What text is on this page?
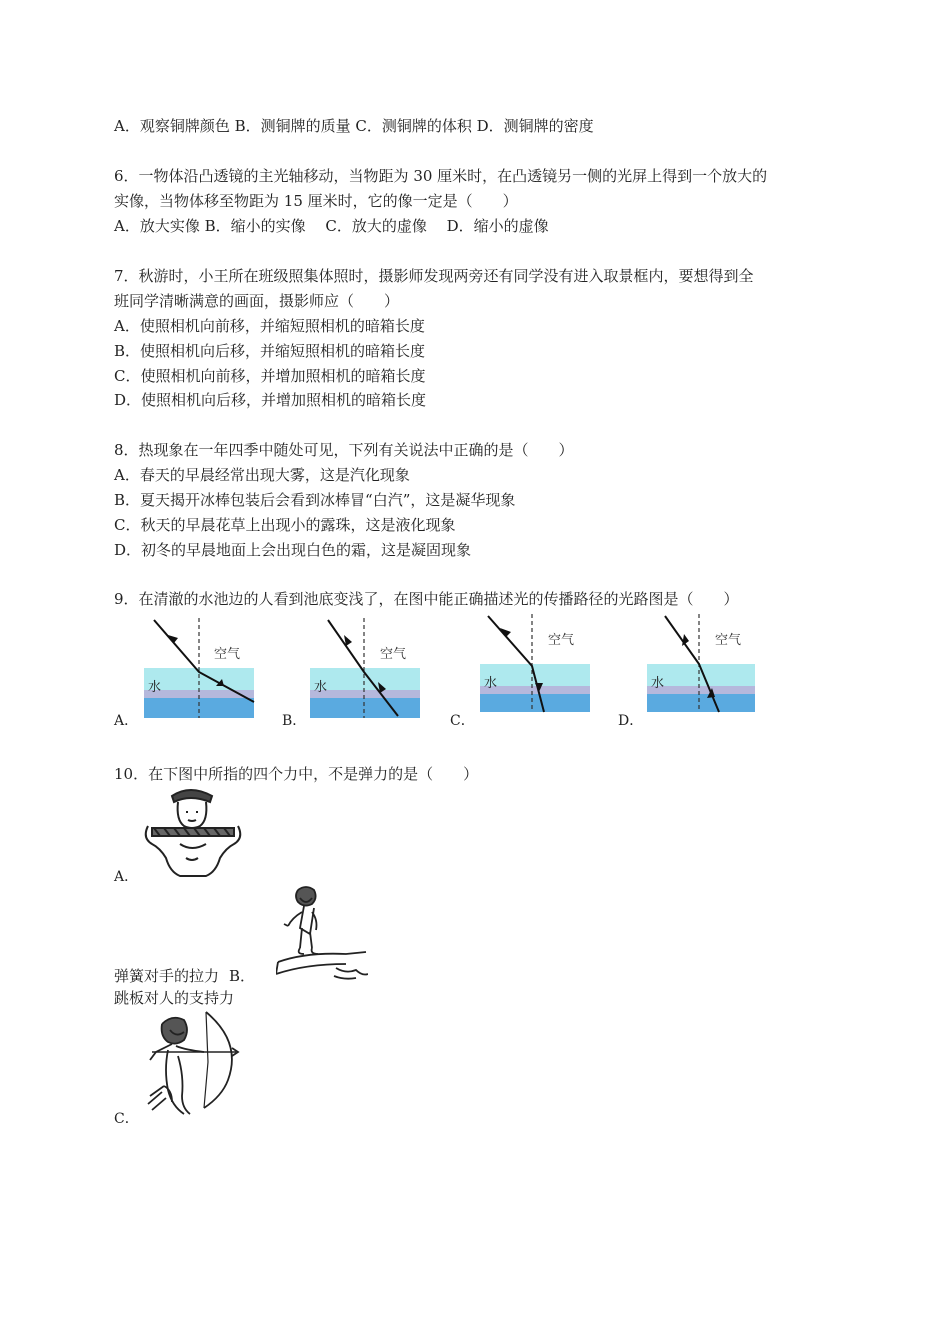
A．观察铜牌颜色 B．测铜牌的质量 C．测铜牌的体积 D．测铜牌的密度
6．一物体沿凸透镜的主光轴移动，当物距为 30 厘米时，在凸透镜另一侧的光屏上得到一个放大的
实像，当物体移至物距为 15 厘米时，它的像一定是（　　）
A．放大实像 B．缩小的实像　 C．放大的虚像　 D．缩小的虚像
7．秋游时，小王所在班级照集体照时，摄影师发现两旁还有同学没有进入取景框内，要想得到全
班同学清晰满意的画面，摄影师应（　　）
A．使照相机向前移，并缩短照相机的暗箱长度
B．使照相机向后移，并缩短照相机的暗箱长度
C．使照相机向前移，并增加照相机的暗箱长度
D．使照相机向后移，并增加照相机的暗箱长度
8．热现象在一年四季中随处可见，下列有关说法中正确的是（　　）
A．春天的早晨经常出现大雾，这是汽化现象
B．夏天揭开冰棒包装后会看到冰棒冒“白汽”，这是凝华现象
C．秋天的早晨花草上出现小的露珠，这是液化现象
D．初冬的早晨地面上会出现白色的霜，这是凝固现象
9．在清澈的水池边的人看到池底变浅了，在图中能正确描述光的传播路径的光路图是（　　）
A．
空气
水
B．
空气
水
C．
空气
水
D．
空气
水
10．在下图中所指的四个力中，不是弹力的是（　　）
A．
弹簧对手的拉力 B．
跳板对人的支持力
C．
